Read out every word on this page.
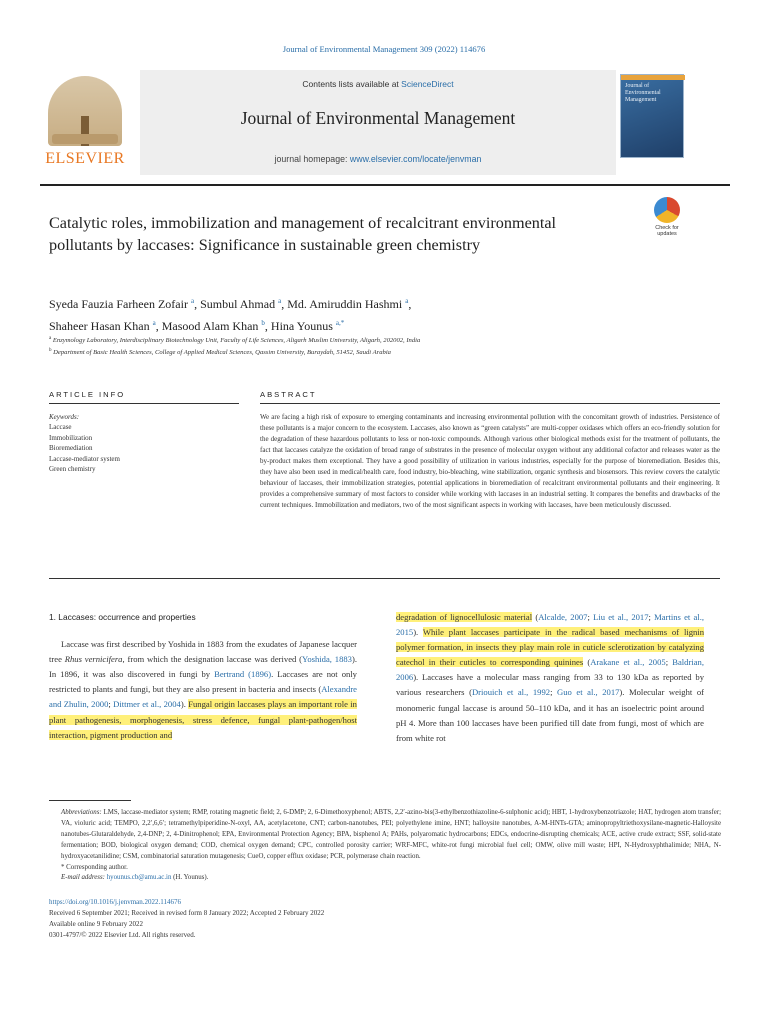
Journal of Environmental Management 309 (2022) 114676
ELSEVIER
Contents lists available at ScienceDirect
Journal of Environmental Management
journal homepage: www.elsevier.com/locate/jenvman
Journal of Environmental Management
Catalytic roles, immobilization and management of recalcitrant environmental pollutants by laccases: Significance in sustainable green chemistry
Check for updates
Syeda Fauzia Farheen Zofair $^a$, Sumbul Ahmad $^a$, Md. Amiruddin Hashmi $^a$,
Shaheer Hasan Khan $^a$, Masood Alam Khan $^b$, Hina Younus $^{a,*}$
$^a$ Enzymology Laboratory, Interdisciplinary Biotechnology Unit, Faculty of Life Sciences, Aligarh Muslim University, Aligarh, 202002, India
$^b$ Department of Basic Health Sciences, College of Applied Medical Sciences, Qassim University, Buraydah, 51452, Saudi Arabia
ARTICLE INFO	ABSTRACT
Keywords:
Laccase
Immobilization
Bioremediation
Laccase-mediator system
Green chemistry
We are facing a high risk of exposure to emerging contaminants and increasing environmental pollution with the concomitant growth of industries. Persistence of these pollutants is a major concern to the ecosystem. Laccases, also known as “green catalysts” are multi-copper oxidases which offers an eco-friendly solution for the degradation of these hazardous pollutants to less or non-toxic compounds. Although various other biological methods exist for the treatment of pollutants, the fact that laccases catalyze the oxidation of broad range of substrates in the presence of molecular oxygen without any additional cofactor and releases water as the by-product makes them exceptional. They have a good possibility of utilization in various industries, especially for the purpose of bioremediation. Besides this, they have also been used in medical/health care, food industry, bio-bleaching, wine stabilization, organic synthesis and biosensors. This review covers the catalytic behaviour of laccases, their immobilization strategies, potential applications in bioremediation of recalcitrant environmental pollutants and their engineering. It provides a comprehensive summary of most factors to consider while working with laccases in an industrial setting. It compares the benefits and drawbacks of the current techniques. Immobilization and mediators, two of the most significant aspects in working with laccases, have been meticulously discussed.
1. Laccases: occurrence and properties
Laccase was first described by Yoshida in 1883 from the exudates of Japanese lacquer tree Rhus vernicifera, from which the designation laccase was derived (Yoshida, 1883). In 1896, it was also discovered in fungi by Bertrand (1896). Laccases are not only restricted to plants and fungi, but they are also present in bacteria and insects (Alexandre and Zhulin, 2000; Dittmer et al., 2004). Fungal origin laccases plays an important role in plant pathogenesis, morphogenesis, stress defence, fungal plant-pathogen/host interaction, pigment production and
degradation of lignocellulosic material (Alcalde, 2007; Liu et al., 2017; Martins et al., 2015). While plant laccases participate in the radical based mechanisms of lignin polymer formation, in insects they play main role in cuticle sclerotization by catalyzing catechol in their cuticles to corresponding quinines (Arakane et al., 2005; Baldrian, 2006). Laccases have a molecular mass ranging from 33 to 130 kDa as reported by various researchers (Driouich et al., 1992; Guo et al., 2017). Molecular weight of monomeric fungal laccase is around 50–110 kDa, and it has an isoelectric point around pH 4. More than 100 laccases have been purified till date from fungi, most of which are from white rot
Abbreviations: LMS, laccase-mediator system; RMP, rotating magnetic field; 2, 6-DMP; 2, 6-Dimethoxyphenol; ABTS, 2,2′-azino-bis(3-ethylbenzothiazoline-6-sulphonic acid); HBT, 1-hydroxybenzotriazole; HAT, hydrogen atom transfer; VA, violuric acid; TEMPO, 2,2′,6,6′; tetramethylpiperidine-N-oxyl, AA, acetylacetone, CNT; carbon-nanotubes, PEI; polyethylene imine, HNT; halloysite nanotubes, A-M-HNTs-GTA; aminopropyltriethoxysilane-magnetic-Halloysite nanotubes-Glutaraldehyde, 2,4-DNP; 2, 4-Dinitrophenol; EPA, Environmental Protection Agency; BPA, bisphenol A; PAHs, polyaromatic hydrocarbons; EDCs, endocrine-disrupting chemicals; ACE, active crude extract; SSF, solid-state fermentation; BOD, biological oxygen demand; COD, chemical oxygen demand; CPC, controlled porosity carrier; WRF-MFC, white-rot fungi microbial fuel cell; OMW, olive mill waste; HPI, N-Hydroxyphthalimide; NHA, N-hydroxyacetanilidine; CSM, combinatorial saturation mutagenesis; CueO, copper efflux oxidase; PCR, polymerase chain reaction.
* Corresponding author.
E-mail address: hyounus.cb@amu.ac.in (H. Younus).
https://doi.org/10.1016/j.jenvman.2022.114676
Received 6 September 2021; Received in revised form 8 January 2022; Accepted 2 February 2022
Available online 9 February 2022
0301-4797/© 2022 Elsevier Ltd. All rights reserved.
